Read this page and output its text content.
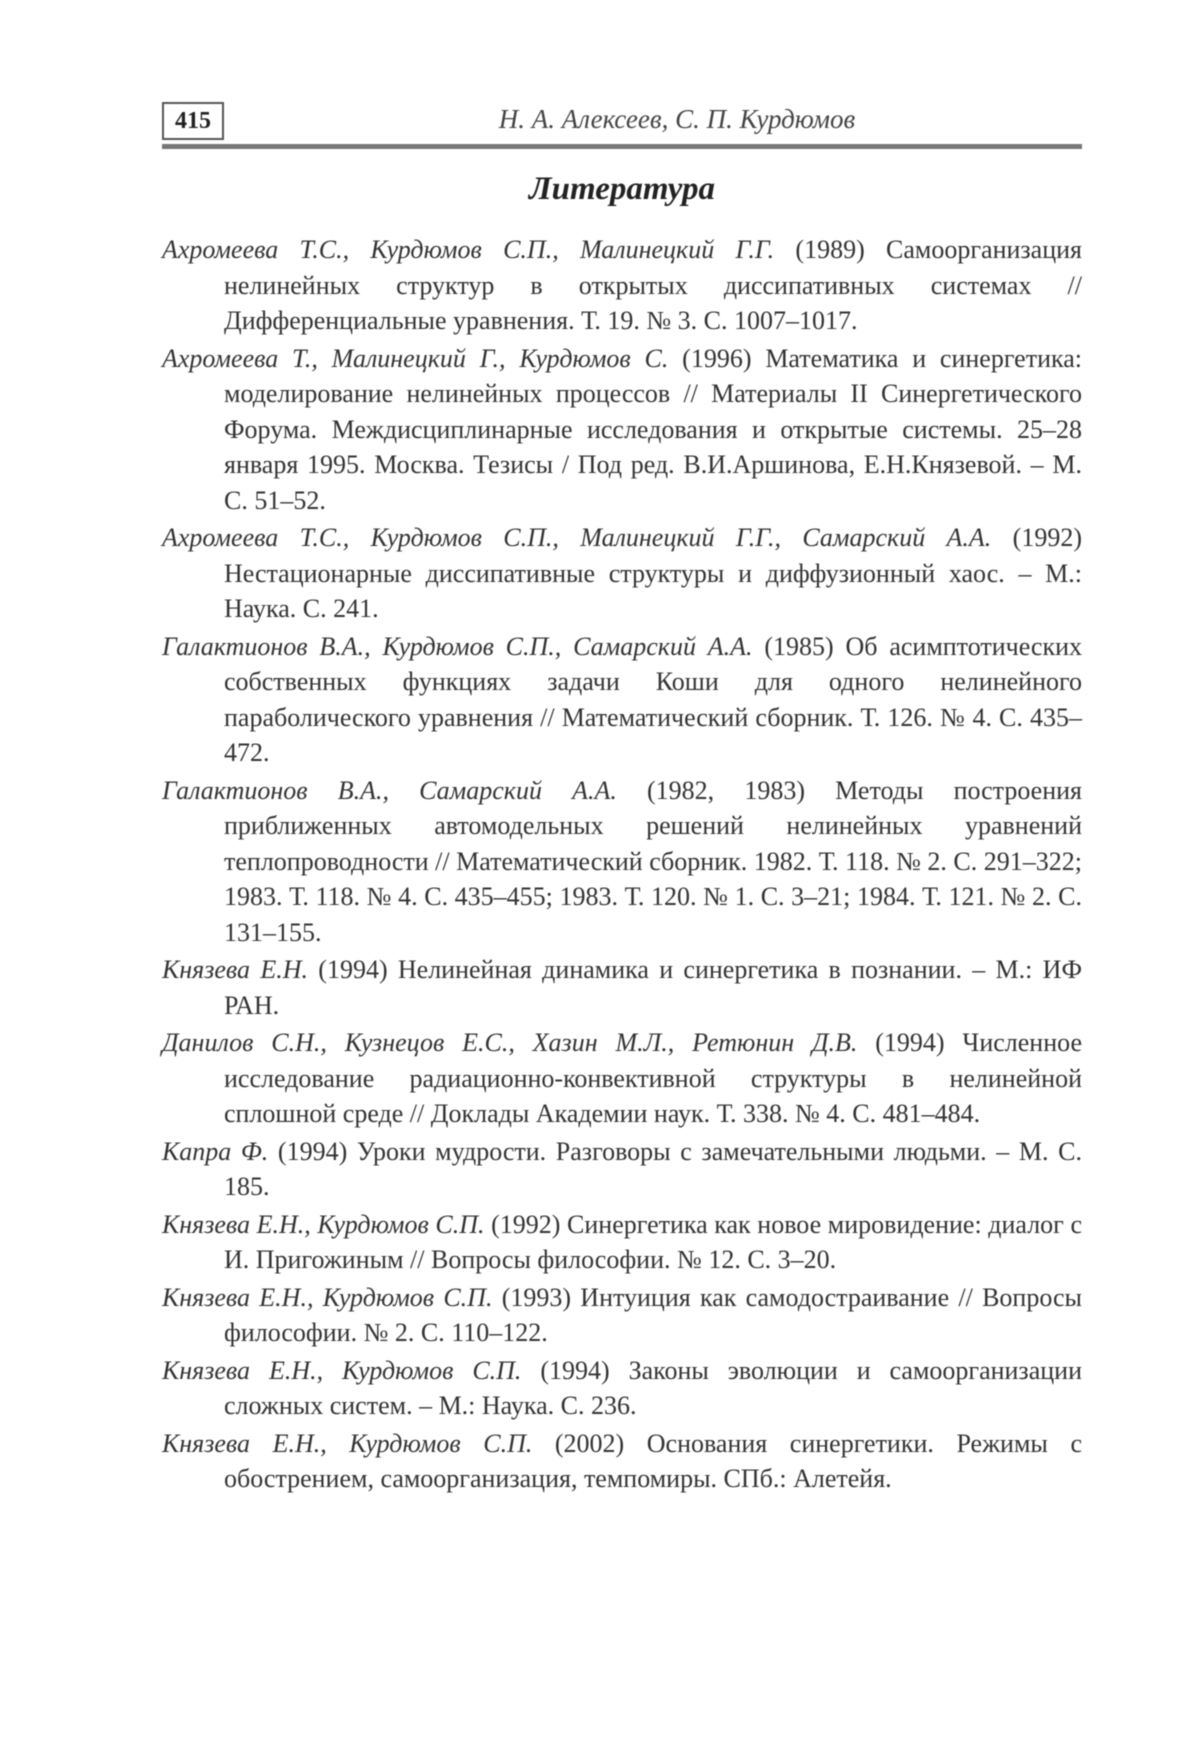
415	Н. А. Алексеев, С. П. Курдюмов
Литература
Ахромеева Т.С., Курдюмов С.П., Малинецкий Г.Г. (1989) Самоорганизация нелинейных структур в открытых диссипативных системах // Дифференциальные уравнения. Т. 19. № 3. С. 1007–1017.
Ахромеева Т., Малинецкий Г., Курдюмов С. (1996) Математика и синергетика: моделирование нелинейных процессов // Материалы II Синергетического Форума. Междисциплинарные исследования и открытые системы. 25–28 января 1995. Москва. Тезисы / Под ред. В.И.Аршинова, Е.Н.Князевой. – М. С. 51–52.
Ахромеева Т.С., Курдюмов С.П., Малинецкий Г.Г., Самарский А.А. (1992) Нестационарные диссипативные структуры и диффузионный хаос. – М.: Наука. С. 241.
Галактионов В.А., Курдюмов С.П., Самарский А.А. (1985) Об асимптотических собственных функциях задачи Коши для одного нелинейного параболического уравнения // Математический сборник. Т. 126. № 4. С. 435–472.
Галактионов В.А., Самарский А.А. (1982, 1983) Методы построения приближенных автомодельных решений нелинейных уравнений теплопроводности // Математический сборник. 1982. Т. 118. № 2. С. 291–322; 1983. Т. 118. № 4. С. 435–455; 1983. Т. 120. № 1. С. 3–21; 1984. Т. 121. № 2. С. 131–155.
Князева Е.Н. (1994) Нелинейная динамика и синергетика в познании. – М.: ИФ РАН.
Данилов С.Н., Кузнецов Е.С., Хазин М.Л., Ретюнин Д.В. (1994) Численное исследование радиационно-конвективной структуры в нелинейной сплошной среде // Доклады Академии наук. Т. 338. № 4. С. 481–484.
Капра Ф. (1994) Уроки мудрости. Разговоры с замечательными людьми. – М. С. 185.
Князева Е.Н., Курдюмов С.П. (1992) Синергетика как новое мировидение: диалог с И. Пригожиным // Вопросы философии. № 12. С. 3–20.
Князева Е.Н., Курдюмов С.П. (1993) Интуиция как самодостраивание // Вопросы философии. № 2. С. 110–122.
Князева Е.Н., Курдюмов С.П. (1994) Законы эволюции и самоорганизации сложных систем. – М.: Наука. С. 236.
Князева Е.Н., Курдюмов С.П. (2002) Основания синергетики. Режимы с обострением, самоорганизация, темпомиры. СПб.: Алетейя.
